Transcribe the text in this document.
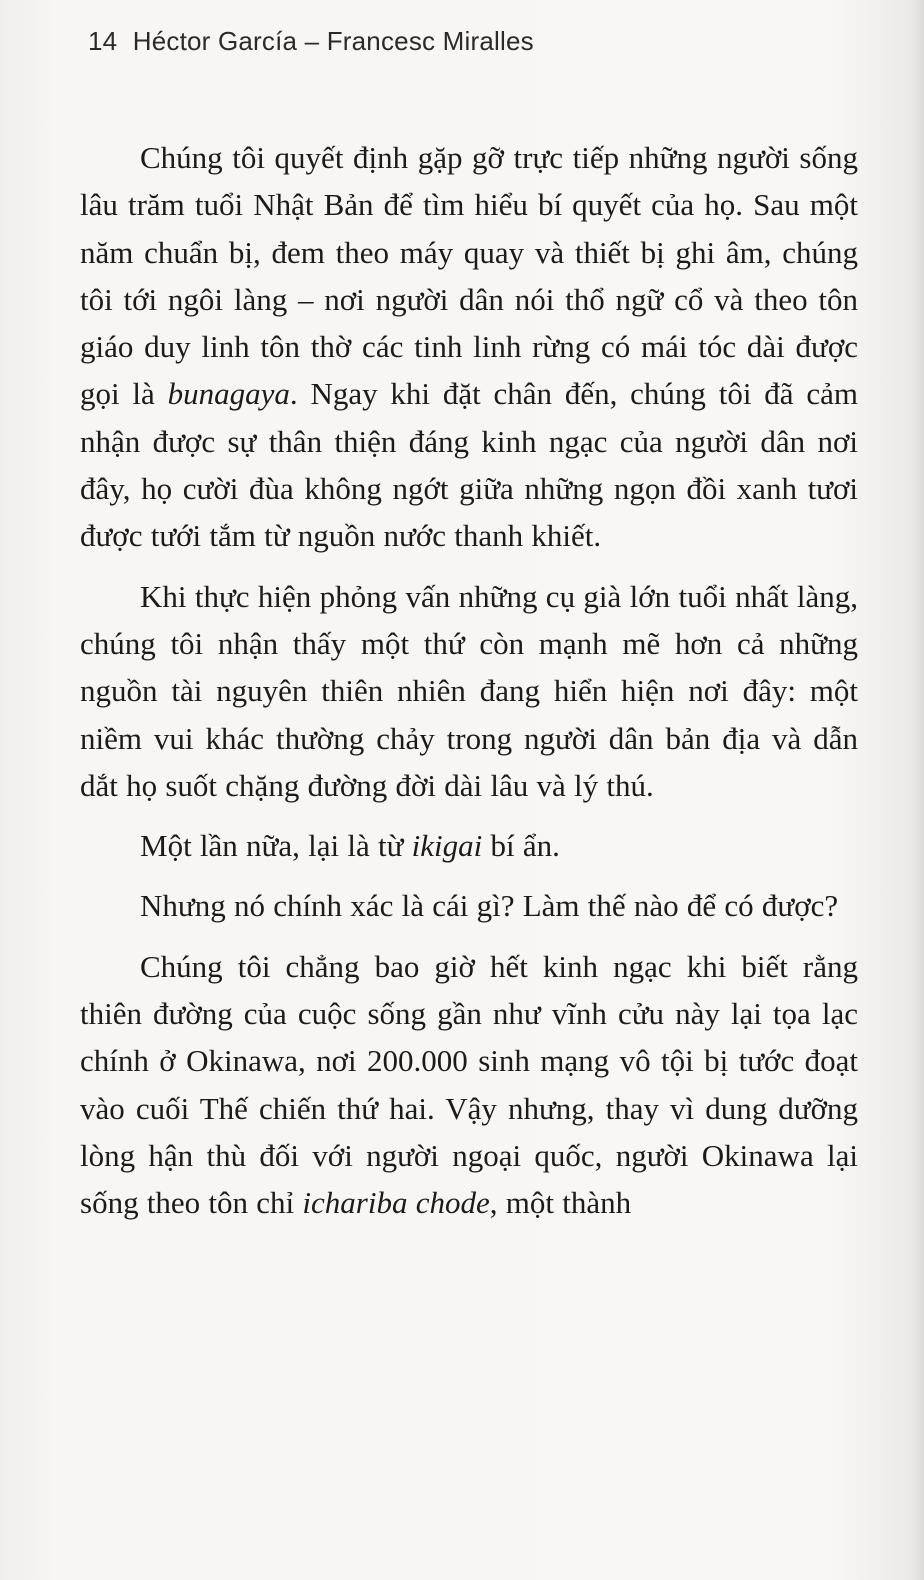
14 Héctor García – Francesc Miralles

Chúng tôi quyết định gặp gỡ trực tiếp những người sống lâu trăm tuổi Nhật Bản để tìm hiểu bí quyết của họ. Sau một năm chuẩn bị, đem theo máy quay và thiết bị ghi âm, chúng tôi tới ngôi làng – nơi người dân nói thổ ngữ cổ và theo tôn giáo duy linh tôn thờ các tinh linh rừng có mái tóc dài được gọi là bunagaya. Ngay khi đặt chân đến, chúng tôi đã cảm nhận được sự thân thiện đáng kinh ngạc của người dân nơi đây, họ cười đùa không ngớt giữa những ngọn đồi xanh tươi được tưới tắm từ nguồn nước thanh khiết.

Khi thực hiện phỏng vấn những cụ già lớn tuổi nhất làng, chúng tôi nhận thấy một thứ còn mạnh mẽ hơn cả những nguồn tài nguyên thiên nhiên đang hiển hiện nơi đây: một niềm vui khác thường chảy trong người dân bản địa và dẫn dắt họ suốt chặng đường đời dài lâu và lý thú.

Một lần nữa, lại là từ ikigai bí ẩn.

Nhưng nó chính xác là cái gì? Làm thế nào để có được?

Chúng tôi chẳng bao giờ hết kinh ngạc khi biết rằng thiên đường của cuộc sống gần như vĩnh cửu này lại tọa lạc chính ở Okinawa, nơi 200.000 sinh mạng vô tội bị tước đoạt vào cuối Thế chiến thứ hai. Vậy nhưng, thay vì dung dưỡng lòng hận thù đối với người ngoại quốc, người Okinawa lại sống theo tôn chỉ ichariba chode, một thành
